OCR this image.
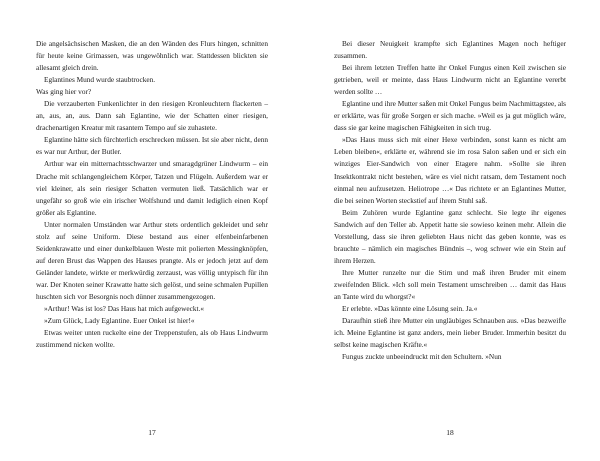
Die angelsächsischen Masken, die an den Wänden des Flurs hingen, schnitten für heute keine Grimassen, was ungewöhnlich war. Stattdessen blickten sie allesamt gleich drein.

Eglantines Mund wurde staubtrocken.

Was ging hier vor?

Die verzauberten Funkenlichter in den riesigen Kronleuchtern flackerten – an, aus, an, aus. Dann sah Eglantine, wie der Schatten einer riesigen, drachenartigen Kreatur mit rasantem Tempo auf sie zuhastete.

Eglantine hätte sich fürchterlich erschrecken müssen. Ist sie aber nicht, denn es war nur Arthur, der Butler.

Arthur war ein mitternachtsschwarzer und smaragdgrüner Lindwurm – ein Drache mit schlangengleichem Körper, Tatzen und Flügeln. Außerdem war er viel kleiner, als sein riesiger Schatten vermuten ließ. Tatsächlich war er ungefähr so groß wie ein irischer Wolfshund und damit lediglich einen Kopf größer als Eglantine.

Unter normalen Umständen war Arthur stets ordentlich gekleidet und sehr stolz auf seine Uniform. Diese bestand aus einer elfenbeinfarbenen Seidenkrawatte und einer dunkelblauen Weste mit polierten Messingknöpfen, auf deren Brust das Wappen des Hauses prangte. Als er jedoch jetzt auf dem Geländer landete, wirkte er merkwürdig zerzaust, was völlig untypisch für ihn war. Der Knoten seiner Krawatte hatte sich gelöst, und seine schmalen Pupillen huschten sich vor Besorgnis noch dünner zusammengezogen.

»Arthur! Was ist los? Das Haus hat mich aufgeweckt.«

»Zum Glück, Lady Eglantine. Euer Onkel ist hier!«

Etwas weiter unten ruckelte eine der Treppenstufen, als ob Haus Lindwurm zustimmend nicken wollte.

17

Bei dieser Neuigkeit krampfte sich Eglantines Magen noch heftiger zusammen.

Bei ihrem letzten Treffen hatte ihr Onkel Fungus einen Keil zwischen sie getrieben, weil er meinte, dass Haus Lindwurm nicht an Eglantine vererbt werden sollte …

Eglantine und ihre Mutter saßen mit Onkel Fungus beim Nachmittagstee, als er erklärte, was für große Sorgen er sich mache. »Weil es ja gut möglich wäre, dass sie gar keine magischen Fähigkeiten in sich trug.

»Das Haus muss sich mit einer Hexe verbinden, sonst kann es nicht am Leben bleiben«, erklärte er, während sie im rosa Salon saßen und er sich ein winziges Eier-Sandwich von einer Etagere nahm. »Sollte sie ihren Insektkontrakt nicht bestehen, wäre es viel nicht ratsam, dem Testament noch einmal neu aufzusetzen. Heliotrope …« Das richtete er an Eglantines Mutter, die bei seinen Worten steckstief auf ihrem Stuhl saß.

Beim Zuhören wurde Eglantine ganz schlecht. Sie legte ihr eigenes Sandwich auf den Teller ab. Appetit hatte sie sowieso keinen mehr. Allein die Vorstellung, dass sie ihren geliebten Haus nicht das geben konnte, was es brauchte – nämlich ein magisches Bündnis –, wog schwer wie ein Stein auf ihrem Herzen.

Ihre Mutter runzelte nur die Stirn und maß ihren Bruder mit einem zweifelnden Blick. »Ich soll mein Testament umschreiben … damit das Haus an Tante wird du whorgst?«

Er erlebte. »Das könnte eine Lösung sein. Ja.«

Daraufhin stieß ihre Mutter ein ungläubiges Schnauben aus. »Das bezweifle ich. Meine Eglantine ist ganz anders, mein lieber Bruder. Immerhin besitzt du selbst keine magischen Kräfte.«

Fungus zuckte unbeeindruckt mit den Schultern. »Nun

18
